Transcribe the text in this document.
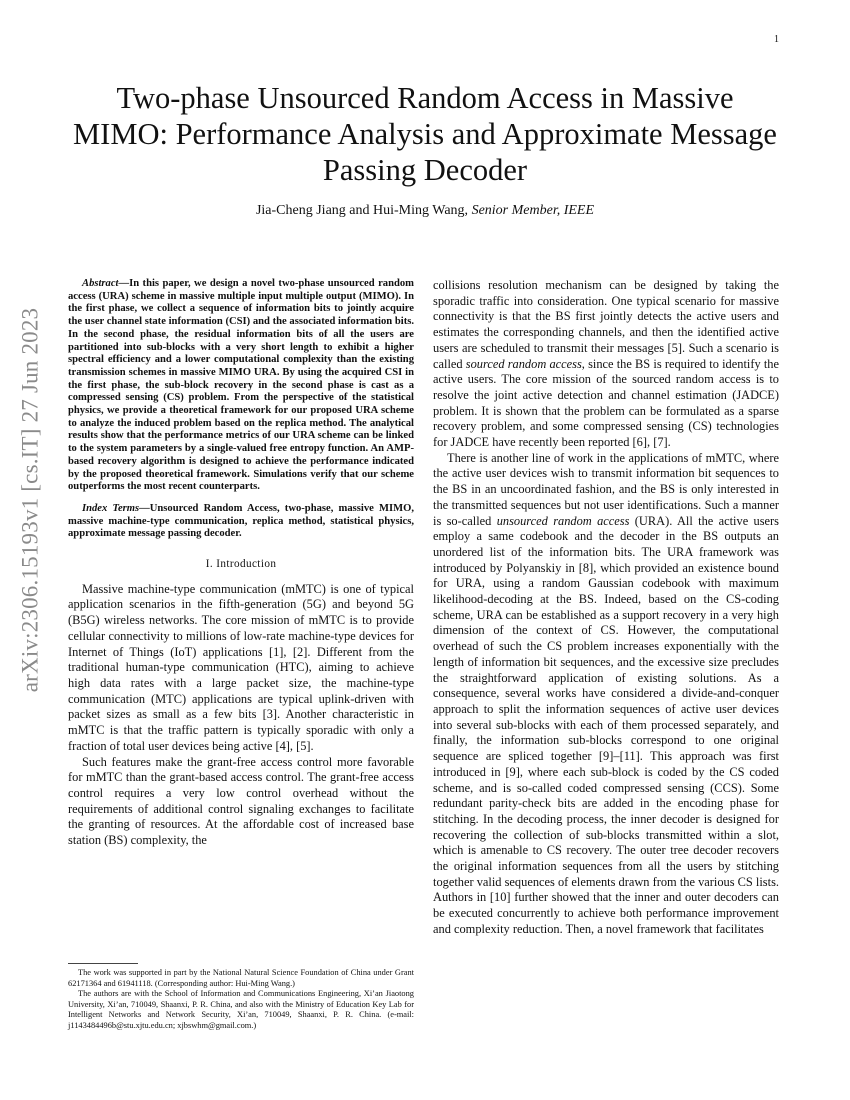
1
arXiv:2306.15193v1 [cs.IT] 27 Jun 2023
Two-phase Unsourced Random Access in Massive MIMO: Performance Analysis and Approximate Message Passing Decoder
Jia-Cheng Jiang and Hui-Ming Wang, Senior Member, IEEE

Abstract—In this paper, we design a novel two-phase unsourced random access (URA) scheme in massive multiple input multiple output (MIMO). In the first phase, we collect a sequence of information bits to jointly acquire the user channel state information (CSI) and the associated information bits. In the second phase, the residual information bits of all the users are partitioned into sub-blocks with a very short length to exhibit a higher spectral efficiency and a lower computational complexity than the existing transmission schemes in massive MIMO URA. By using the acquired CSI in the first phase, the sub-block recovery in the second phase is cast as a compressed sensing (CS) problem. From the perspective of the statistical physics, we provide a theoretical framework for our proposed URA scheme to analyze the induced problem based on the replica method. The analytical results show that the performance metrics of our URA scheme can be linked to the system parameters by a single-valued free entropy function. An AMP-based recovery algorithm is designed to achieve the performance indicated by the proposed theoretical framework. Simulations verify that our scheme outperforms the most recent counterparts.

Index Terms—Unsourced Random Access, two-phase, massive MIMO, massive machine-type communication, replica method, statistical physics, approximate message passing decoder.

I. Introduction

Massive machine-type communication (mMTC) is one of typical application scenarios in the fifth-generation (5G) and beyond 5G (B5G) wireless networks. The core mission of mMTC is to provide cellular connectivity to millions of low-rate machine-type devices for Internet of Things (IoT) applications [1], [2]. Different from the traditional human-type communication (HTC), aiming to achieve high data rates with a large packet size, the machine-type communication (MTC) applications are typical uplink-driven with packet sizes as small as a few bits [3]. Another characteristic in mMTC is that the traffic pattern is typically sporadic with only a fraction of total user devices being active [4], [5].

Such features make the grant-free access control more favorable for mMTC than the grant-based access control. The grant-free access control requires a very low control overhead without the requirements of additional control signaling exchanges to facilitate the granting of resources. At the affordable cost of increased base station (BS) complexity, the

The work was supported in part by the National Natural Science Foundation of China under Grant 62171364 and 61941118. (Corresponding author: Hui-Ming Wang.)

The authors are with the School of Information and Communications Engineering, Xi’an Jiaotong University, Xi’an, 710049, Shaanxi, P. R. China, and also with the Ministry of Education Key Lab for Intelligent Networks and Network Security, Xi’an, 710049, Shaanxi, P. R. China. (e-mail: j1143484496b@stu.xjtu.edu.cn; xjbswhm@gmail.com.)

collisions resolution mechanism can be designed by taking the sporadic traffic into consideration. One typical scenario for massive connectivity is that the BS first jointly detects the active users and estimates the corresponding channels, and then the identified active users are scheduled to transmit their messages [5]. Such a scenario is called sourced random access, since the BS is required to identify the active users. The core mission of the sourced random access is to resolve the joint active detection and channel estimation (JADCE) problem. It is shown that the problem can be formulated as a sparse recovery problem, and some compressed sensing (CS) technologies for JADCE have recently been reported [6], [7].

There is another line of work in the applications of mMTC, where the active user devices wish to transmit information bit sequences to the BS in an uncoordinated fashion, and the BS is only interested in the transmitted sequences but not user identifications. Such a manner is so-called unsourced random access (URA). All the active users employ a same codebook and the decoder in the BS outputs an unordered list of the information bits. The URA framework was introduced by Polyanskiy in [8], which provided an existence bound for URA, using a random Gaussian codebook with maximum likelihood-decoding at the BS. Indeed, based on the CS-coding scheme, URA can be established as a support recovery in a very high dimension of the context of CS. However, the computational overhead of such the CS problem increases exponentially with the length of information bit sequences, and the excessive size precludes the straightforward application of existing solutions. As a consequence, several works have considered a divide-and-conquer approach to split the information sequences of active user devices into several sub-blocks with each of them processed separately, and finally, the information sub-blocks correspond to one original sequence are spliced together [9]–[11]. This approach was first introduced in [9], where each sub-block is coded by the CS coded scheme, and is so-called coded compressed sensing (CCS). Some redundant parity-check bits are added in the encoding phase for stitching. In the decoding process, the inner decoder is designed for recovering the collection of sub-blocks transmitted within a slot, which is amenable to CS recovery. The outer tree decoder recovers the original information sequences from all the users by stitching together valid sequences of elements drawn from the various CS lists. Authors in [10] further showed that the inner and outer decoders can be executed concurrently to achieve both performance improvement and complexity reduction. Then, a novel framework that facilitates
